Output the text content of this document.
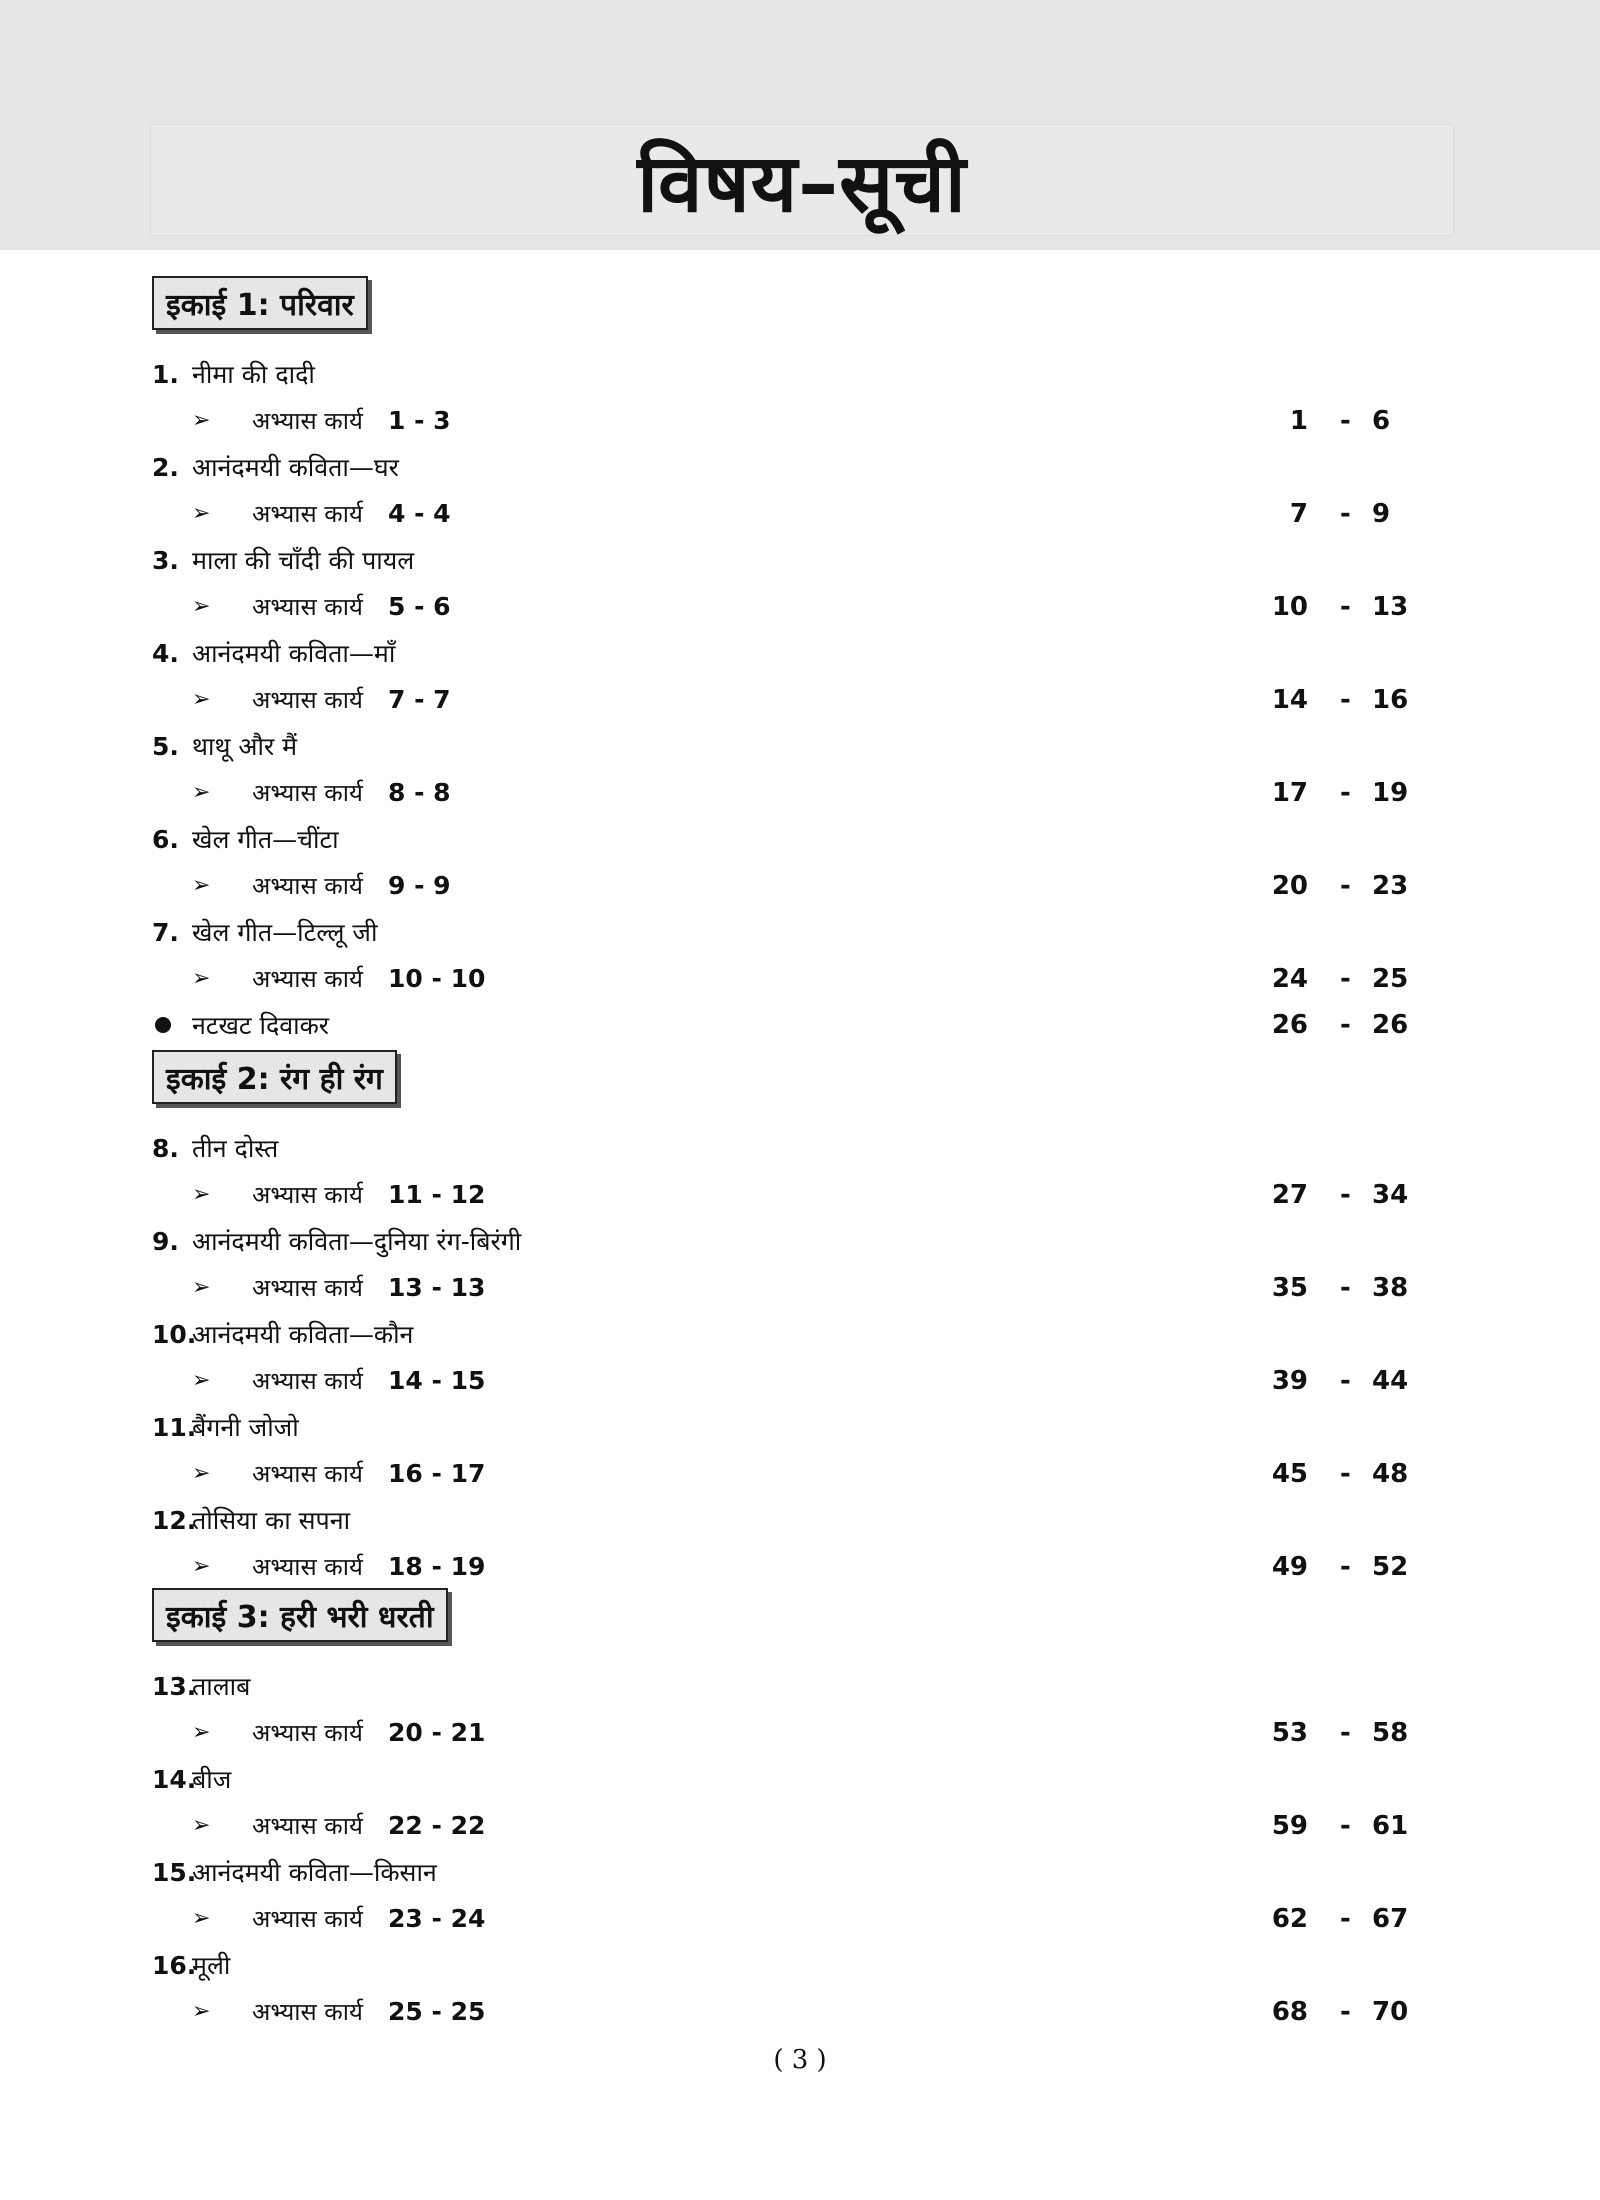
विषय–सूची
इकाई 1: परिवार
1. नीमा की दादी
➢ अभ्यास कार्य 1 - 3	1 - 6
2. आनंदमयी कविता—घर
➢ अभ्यास कार्य 4 - 4	7 - 9
3. माला की चाँदी की पायल
➢ अभ्यास कार्य 5 - 6	10 - 13
4. आनंदमयी कविता—माँ
➢ अभ्यास कार्य 7 - 7	14 - 16
5. थाथू और मैं
➢ अभ्यास कार्य 8 - 8	17 - 19
6. खेल गीत—चींटा
➢ अभ्यास कार्य 9 - 9	20 - 23
7. खेल गीत—टिल्लू जी
➢ अभ्यास कार्य 10 - 10	24 - 25
नटखट दिवाकर	26 - 26
इकाई 2: रंग ही रंग
8. तीन दोस्त
➢ अभ्यास कार्य 11 - 12	27 - 34
9. आनंदमयी कविता—दुनिया रंग-बिरंगी
➢ अभ्यास कार्य 13 - 13	35 - 38
10.
आनंदमयी कविता—कौन
➢ अभ्यास कार्य 14 - 15	39 - 44
11.
बैंगनी जोजो
➢ अभ्यास कार्य 16 - 17	45 - 48
12.
तोसिया का सपना
➢ अभ्यास कार्य 18 - 19	49 - 52
इकाई 3: हरी भरी धरती
13.
तालाब
➢ अभ्यास कार्य 20 - 21	53 - 58
14.
बीज
➢ अभ्यास कार्य 22 - 22	59 - 61
15.
आनंदमयी कविता—किसान
➢ अभ्यास कार्य 23 - 24	62 - 67
16.
मूली
➢ अभ्यास कार्य 25 - 25	68 - 70
( 3 )
